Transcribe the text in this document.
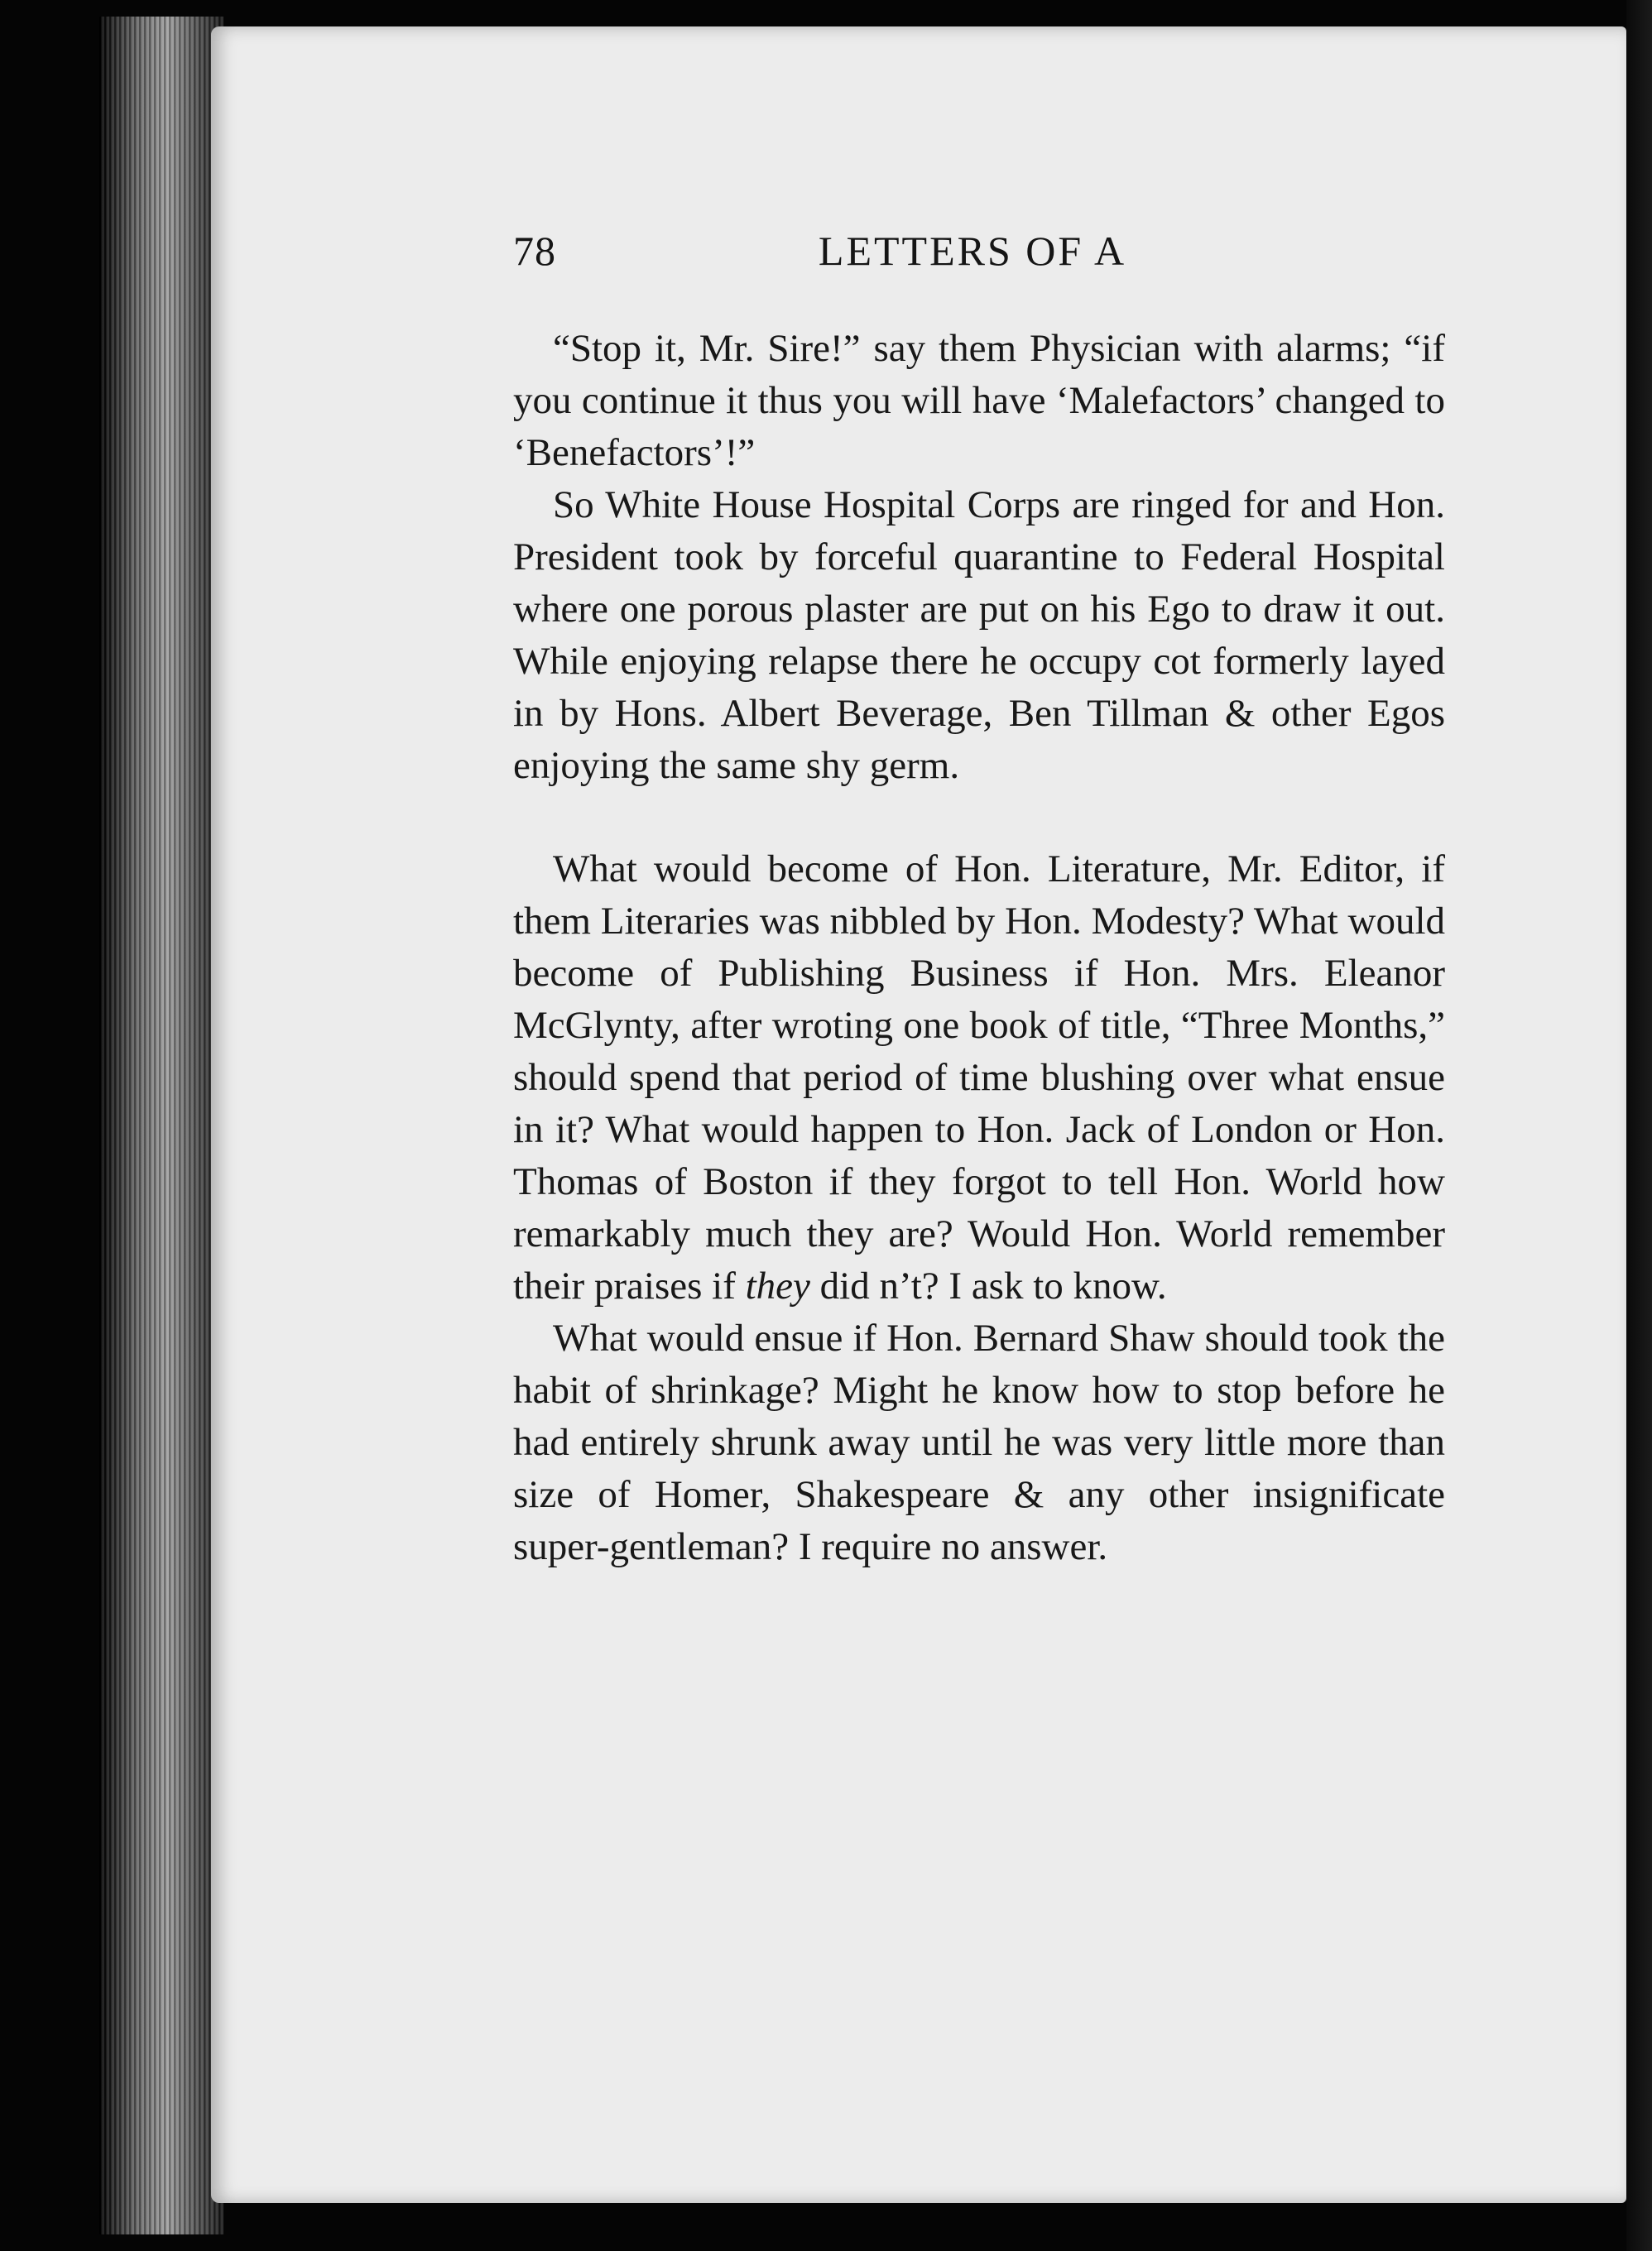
78	LETTERS OF A

“Stop it, Mr. Sire!” say them Physician with alarms; “if you continue it thus you will have ‘Malefactors’ changed to ‘Benefactors’!”

So White House Hospital Corps are ringed for and Hon. President took by forceful quarantine to Federal Hospital where one porous plaster are put on his Ego to draw it out. While enjoying relapse there he occupy cot formerly layed in by Hons. Albert Beverage, Ben Tillman & other Egos enjoying the same shy germ.

What would become of Hon. Literature, Mr. Editor, if them Literaries was nibbled by Hon. Modesty? What would become of Publishing Business if Hon. Mrs. Eleanor McGlynty, after wroting one book of title, “Three Months,” should spend that period of time blushing over what ensue in it? What would happen to Hon. Jack of London or Hon. Thomas of Boston if they forgot to tell Hon. World how remarkably much they are? Would Hon. World remember their praises if they did n’t? I ask to know.

What would ensue if Hon. Bernard Shaw should took the habit of shrinkage? Might he know how to stop before he had entirely shrunk away until he was very little more than size of Homer, Shakespeare & any other insignificate super-gentleman? I require no answer.
